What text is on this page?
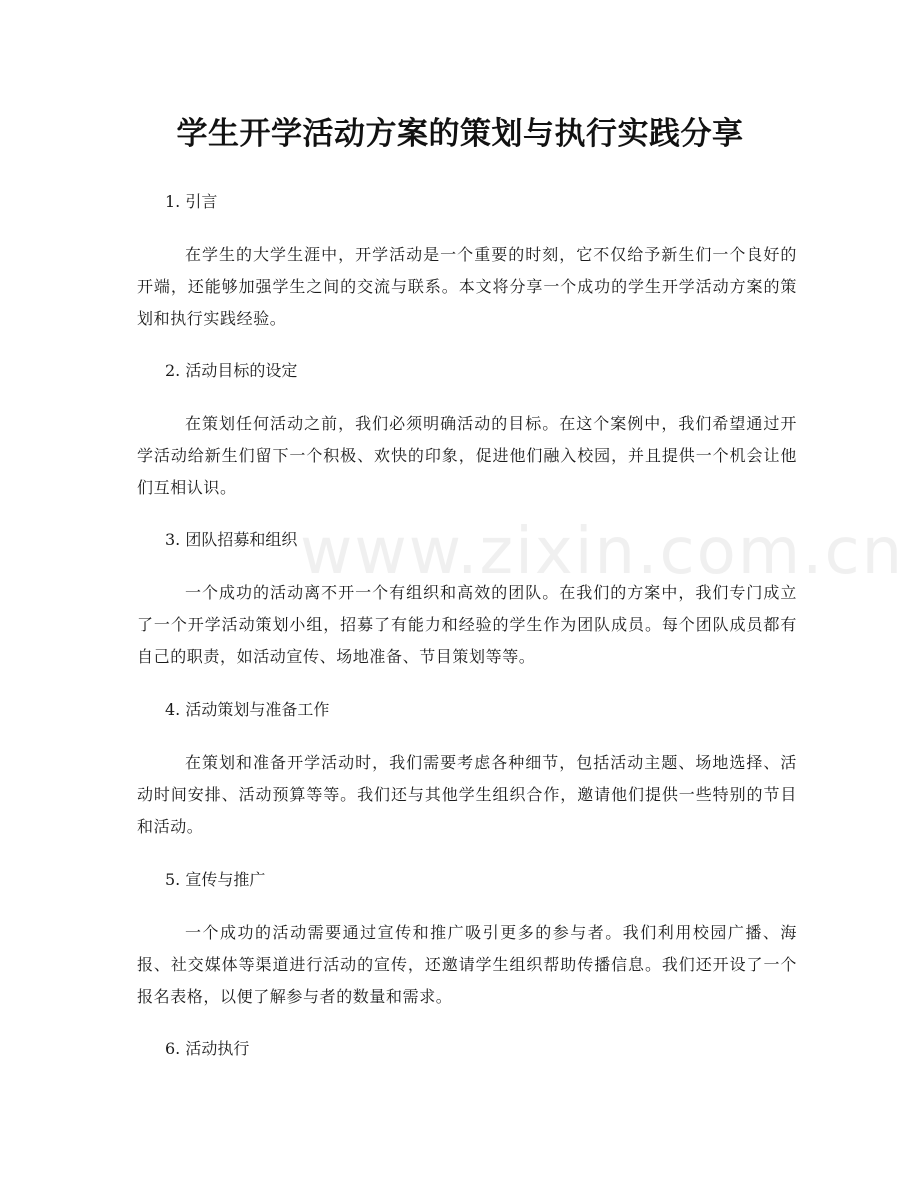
www.zixin.com.cn
学生开学活动方案的策划与执行实践分享

1. 引言

在学生的大学生涯中，开学活动是一个重要的时刻，它不仅给予新生们一个良好的开端，还能够加强学生之间的交流与联系。本文将分享一个成功的学生开学活动方案的策划和执行实践经验。

2. 活动目标的设定

在策划任何活动之前，我们必须明确活动的目标。在这个案例中，我们希望通过开学活动给新生们留下一个积极、欢快的印象，促进他们融入校园，并且提供一个机会让他们互相认识。

3. 团队招募和组织

一个成功的活动离不开一个有组织和高效的团队。在我们的方案中，我们专门成立了一个开学活动策划小组，招募了有能力和经验的学生作为团队成员。每个团队成员都有自己的职责，如活动宣传、场地准备、节目策划等等。

4. 活动策划与准备工作

在策划和准备开学活动时，我们需要考虑各种细节，包括活动主题、场地选择、活动时间安排、活动预算等等。我们还与其他学生组织合作，邀请他们提供一些特别的节目和活动。

5. 宣传与推广

一个成功的活动需要通过宣传和推广吸引更多的参与者。我们利用校园广播、海报、社交媒体等渠道进行活动的宣传，还邀请学生组织帮助传播信息。我们还开设了一个报名表格，以便了解参与者的数量和需求。

6. 活动执行
